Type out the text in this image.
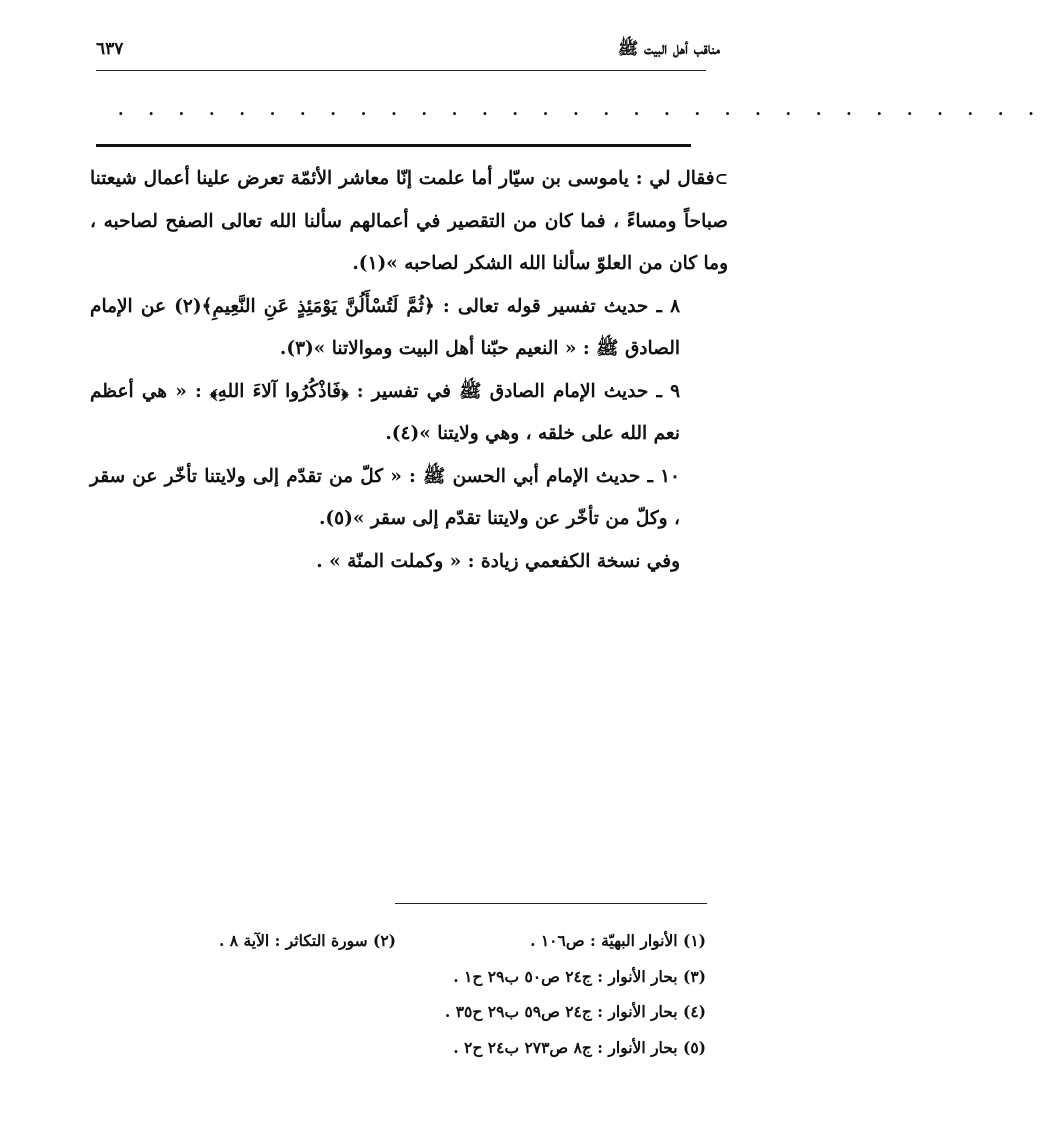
مناقب أهل البيت ﷺ
٦٣٧
. . . . . . . . . . . . . . . . . . . . . . . . . . . . . . .

⊃فقال لي : ياموسى بن سيّار أما علمت إنّا معاشر الأئمّة تعرض علينا أعمال شيعتنا صباحاً ومساءً ، فما كان من التقصير في أعمالهم سألنا الله تعالى الصفح لصاحبه ، وما كان من العلوّ سألنا الله الشكر لصاحبه »(١).

٨ ـ حديث تفسير قوله تعالى : ﴿ثُمَّ لَتُسْأَلُنَّ يَوْمَئِذٍ عَنِ النَّعِيمِ﴾(٢) عن الإمام الصادق ﷺ : « النعيم حبّنا أهل البيت وموالاتنا »(٣).

٩ ـ حديث الإمام الصادق ﷺ في تفسير : ﴿فَاذْكُرُوا آلاءَ اللهِ﴾ : « هي أعظم نعم الله على خلقه ، وهي ولايتنا »(٤).

١٠ ـ حديث الإمام أبي الحسن ﷺ : « كلّ من تقدّم إلى ولايتنا تأخّر عن سقر ، وكلّ من تأخّر عن ولايتنا تقدّم إلى سقر »(٥).

وفي نسخة الكفعمي زيادة : « وكملت المنّة » .

(١) الأنوار البهيّة : ص١٠٦ .
(٢) سورة التكاثر : الآية ٨ .
(٣) بحار الأنوار : ج٢٤ ص٥٠ ب٢٩ ح١ .
(٤) بحار الأنوار : ج٢٤ ص٥٩ ب٢٩ ح٣٥ .
(٥) بحار الأنوار : ج٨ ص٢٧٣ ب٢٤ ح٢ .
